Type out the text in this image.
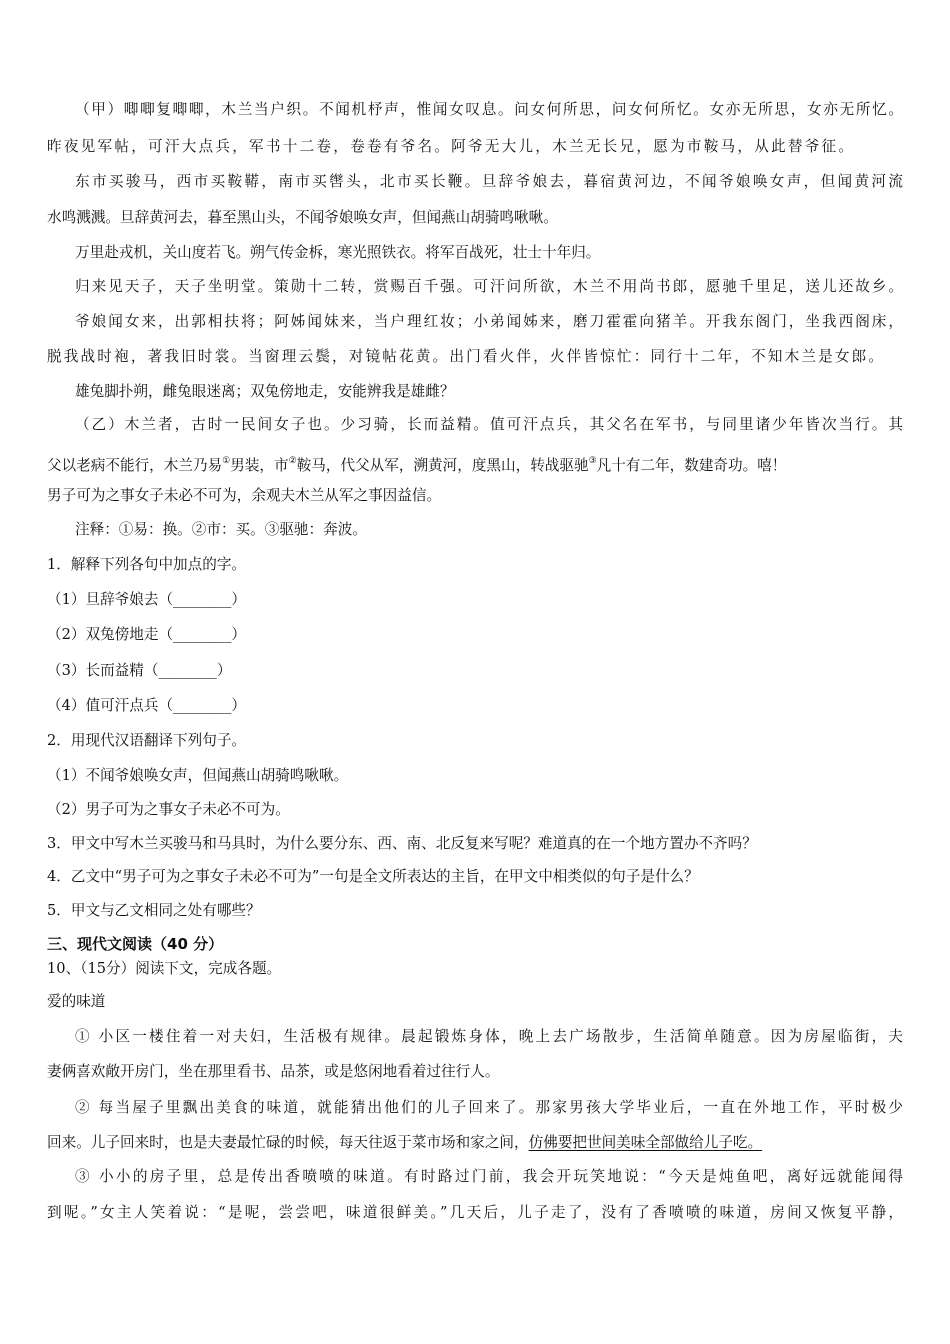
（甲）唧唧复唧唧，木兰当户织。不闻机杼声，惟闻女叹息。问女何所思，问女何所忆。女亦无所思，女亦无所忆。
昨夜见军帖，可汗大点兵，军书十二卷，卷卷有爷名。阿爷无大儿，木兰无长兄，愿为市鞍马，从此替爷征。
东市买骏马，西市买鞍鞯，南市买辔头，北市买长鞭。旦辞爷娘去，暮宿黄河边，不闻爷娘唤女声，但闻黄河流
水鸣溅溅。旦辞黄河去，暮至黑山头，不闻爷娘唤女声，但闻燕山胡骑鸣啾啾。
万里赴戎机，关山度若飞。朔气传金柝，寒光照铁衣。将军百战死，壮士十年归。
归来见天子，天子坐明堂。策勋十二转，赏赐百千强。可汗问所欲，木兰不用尚书郎，愿驰千里足，送儿还故乡。
爷娘闻女来，出郭相扶将；阿姊闻妹来，当户理红妆；小弟闻姊来，磨刀霍霍向猪羊。开我东阁门，坐我西阁床，
脱我战时袍，著我旧时裳。当窗理云鬓，对镜帖花黄。出门看火伴，火伴皆惊忙：同行十二年，不知木兰是女郎。
雄兔脚扑朔，雌兔眼迷离；双兔傍地走，安能辨我是雄雌？
（乙）木兰者，古时一民间女子也。少习骑，长而益精。值可汗点兵，其父名在军书，与同里诸少年皆次当行。其
父以老病不能行，木兰乃易①男装，市②鞍马，代父从军，溯黄河，度黑山，转战驱驰③凡十有二年，数建奇功。嘻！
男子可为之事女子未必不可为，余观夫木兰从军之事因益信。
注释：①易：换。②市：买。③驱驰：奔波。
1．解释下列各句中加点的字。
（1）旦辞爷娘去（________）
（2）双兔傍地走（________）
（3）长而益精（________）
（4）值可汗点兵（________）
2．用现代汉语翻译下列句子。
（1）不闻爷娘唤女声，但闻燕山胡骑鸣啾啾。
（2）男子可为之事女子未必不可为。
3．甲文中写木兰买骏马和马具时，为什么要分东、西、南、北反复来写呢？难道真的在一个地方置办不齐吗？
4．乙文中“男子可为之事女子未必不可为”一句是全文所表达的主旨，在甲文中相类似的句子是什么？
5．甲文与乙文相同之处有哪些？
三、现代文阅读（40 分）
10、（15分）阅读下文，完成各题。
爱的味道
① 小区一楼住着一对夫妇，生活极有规律。晨起锻炼身体，晚上去广场散步，生活简单随意。因为房屋临街，夫
妻俩喜欢敞开房门，坐在那里看书、品茶，或是悠闲地看着过往行人。
② 每当屋子里飘出美食的味道，就能猜出他们的儿子回来了。那家男孩大学毕业后，一直在外地工作，平时极少
回来。儿子回来时，也是夫妻最忙碌的时候，每天往返于菜市场和家之间，仿佛要把世间美味全部做给儿子吃。
③ 小小的房子里，总是传出香喷喷的味道。有时路过门前，我会开玩笑地说：“今天是炖鱼吧，离好远就能闻得
到呢。”女主人笑着说：“是呢，尝尝吧，味道很鲜美。”几天后，儿子走了，没有了香喷喷的味道，房间又恢复平静，
